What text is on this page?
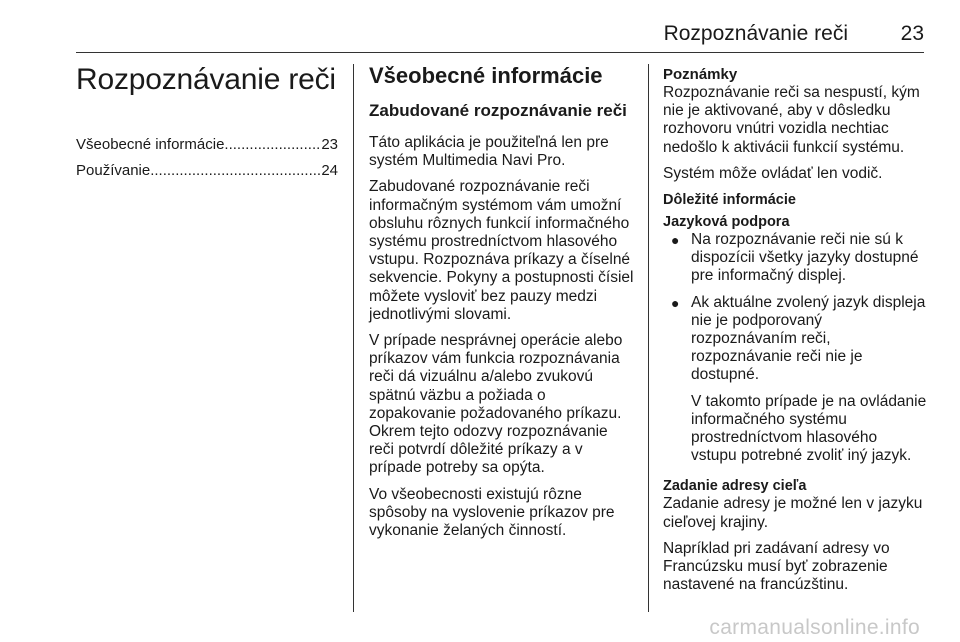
Rozpoznávanie reči	23
Rozpoznávanie reči
Všeobecné informácie .....	23
Používanie .....	24
Všeobecné informácie
Zabudované rozpoznávanie reči

Táto aplikácia je použiteľná len pre systém Multimedia Navi Pro.

Zabudované rozpoznávanie reči informačným systémom vám umožní obsluhu rôznych funkcií informačného systému prostredníctvom hlasového vstupu. Rozpoznáva príkazy a číselné sekvencie. Pokyny a postupnosti čísiel môžete vysloviť bez pauzy medzi jednotlivými slovami.

V prípade nesprávnej operácie alebo príkazov vám funkcia rozpoznávania reči dá vizuálnu a/alebo zvukovú spätnú väzbu a požiada o zopakovanie požadovaného príkazu. Okrem tejto odozvy rozpoznávanie reči potvrdí dôležité príkazy a v prípade potreby sa opýta.

Vo všeobecnosti existujú rôzne spôsoby na vyslovenie príkazov pre vykonanie želaných činností.

Poznámky
Rozpoznávanie reči sa nespustí, kým nie je aktivované, aby v dôsledku rozhovoru vnútri vozidla nechtiac nedošlo k aktivácii funkcií systému.
Systém môže ovládať len vodič.
Dôležité informácie
Jazyková podpora
● Na rozpoznávanie reči nie sú k dispozícii všetky jazyky dostupné pre informačný displej.
● Ak aktuálne zvolený jazyk displeja nie je podporovaný rozpoznávaním reči, rozpoznávanie reči nie je dostupné.
V takomto prípade je na ovládanie informačného systému prostredníctvom hlasového vstupu potrebné zvoliť iný jazyk.
Zadanie adresy cieľa

Zadanie adresy je možné len v jazyku cieľovej krajiny.

Napríklad pri zadávaní adresy vo Francúzsku musí byť zobrazenie nastavené na francúzštinu.

carmanualsonline.info
